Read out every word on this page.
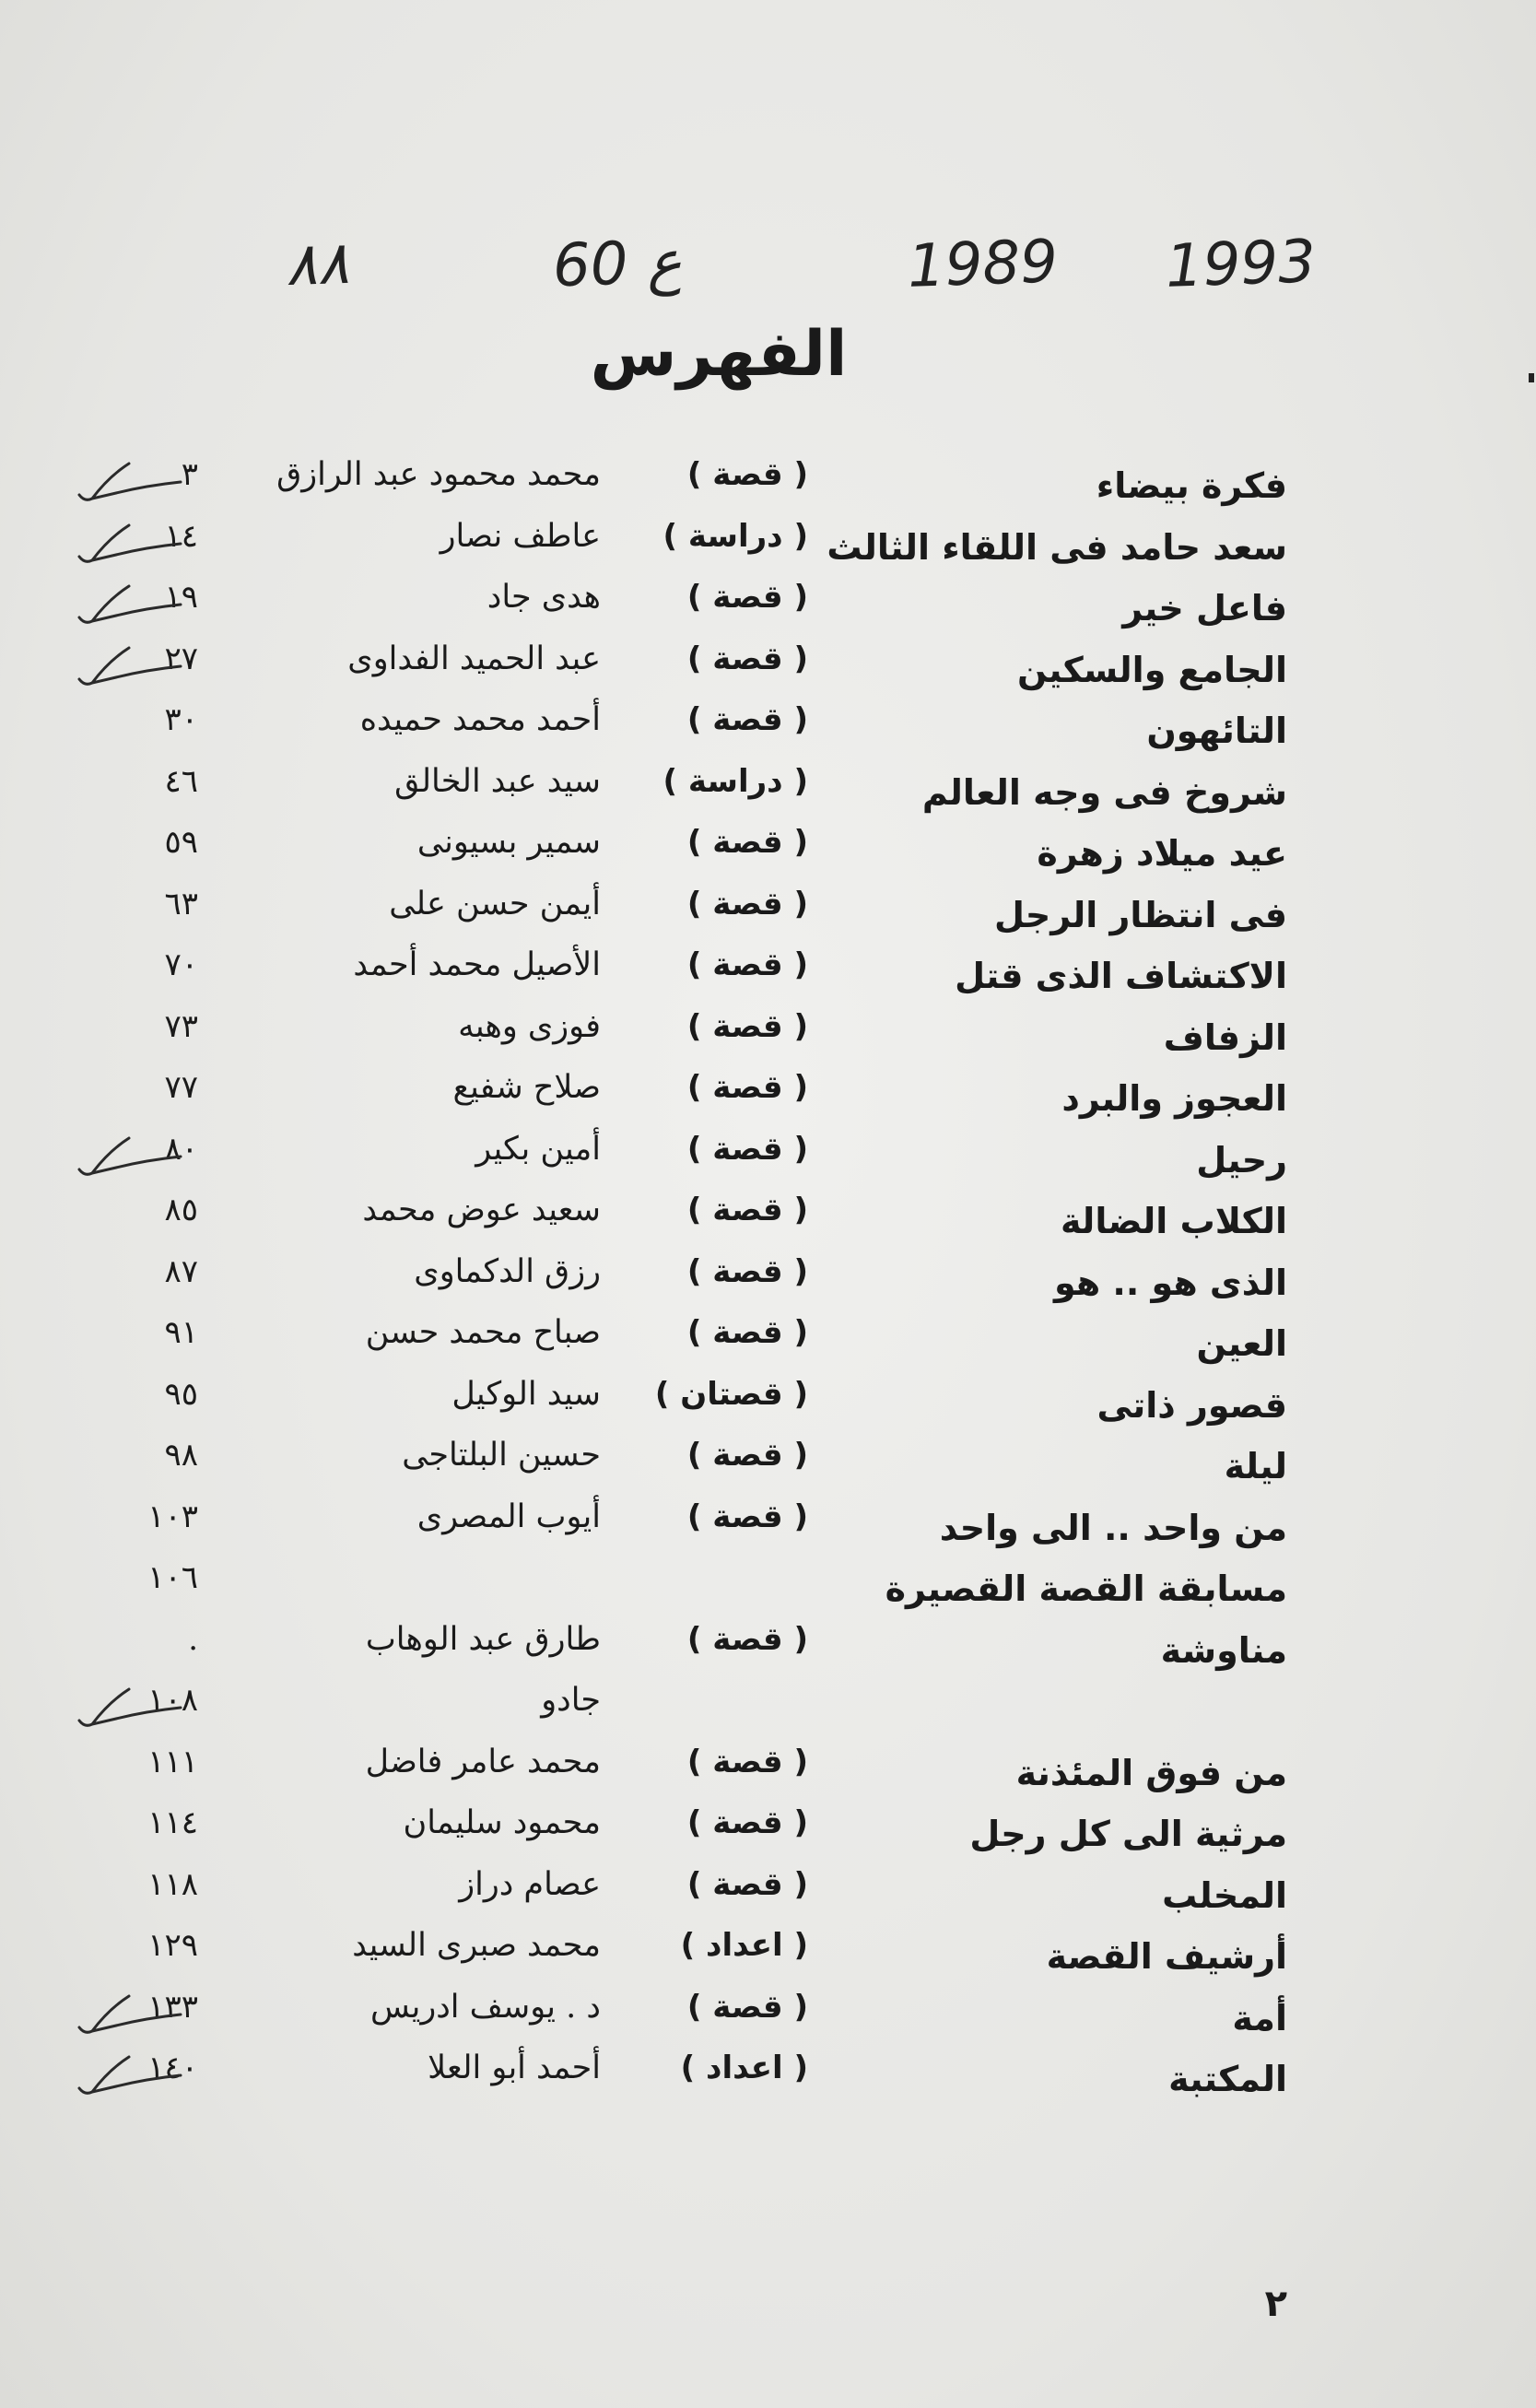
٨٨	60 ع	1989 1993
الفهرس
فكرة بيضاء
( قصة )
محمد محمود عبد الرازق
٣
سعد حامد فى اللقاء الثالث
( دراسة )
عاطف نصار
١٤
فاعل خير
( قصة )
هدى جاد
١٩
الجامع والسكين
( قصة )
عبد الحميد الفداوى
٢٧
التائهون
( قصة )
أحمد محمد حميده
٣٠
شروخ فى وجه العالم
( دراسة )
سيد عبد الخالق
٤٦
عيد ميلاد زهرة
( قصة )
سمير بسيونى
٥٩
فى انتظار الرجل
( قصة )
أيمن حسن على
٦٣
الاكتشاف الذى قتل
( قصة )
الأصيل محمد أحمد
٧٠
الزفاف
( قصة )
فوزى وهبه
٧٣
العجوز والبرد
( قصة )
صلاح شفيع
٧٧
رحيل
( قصة )
أمين بكير
٨٠
الكلاب الضالة
( قصة )
سعيد عوض محمد
٨٥
الذى هو .. هو
( قصة )
رزق الدكماوى
٨٧
العين
( قصة )
صباح محمد حسن
٩١
قصور ذاتى
( قصتان )
سيد الوكيل
٩٥
ليلة
( قصة )
حسين البلتاجى
٩٨
من واحد .. الى واحد
( قصة )
أيوب المصرى
١٠٣
مسابقة القصة القصيرة
١٠٦
مناوشة
( قصة )
طارق عبد الوهاب
.
جادو
١٠٨
من فوق المئذنة
( قصة )
محمد عامر فاضل
١١١
مرثية الى كل رجل
( قصة )
محمود سليمان
١١٤
المخلب
( قصة )
عصام دراز
١١٨
أرشيف القصة
( اعداد )
محمد صبرى السيد
١٢٩
أمة
( قصة )
د . يوسف ادريس
١٣٣
المكتبة
( اعداد )
أحمد أبو العلا
١٤٠
٢
